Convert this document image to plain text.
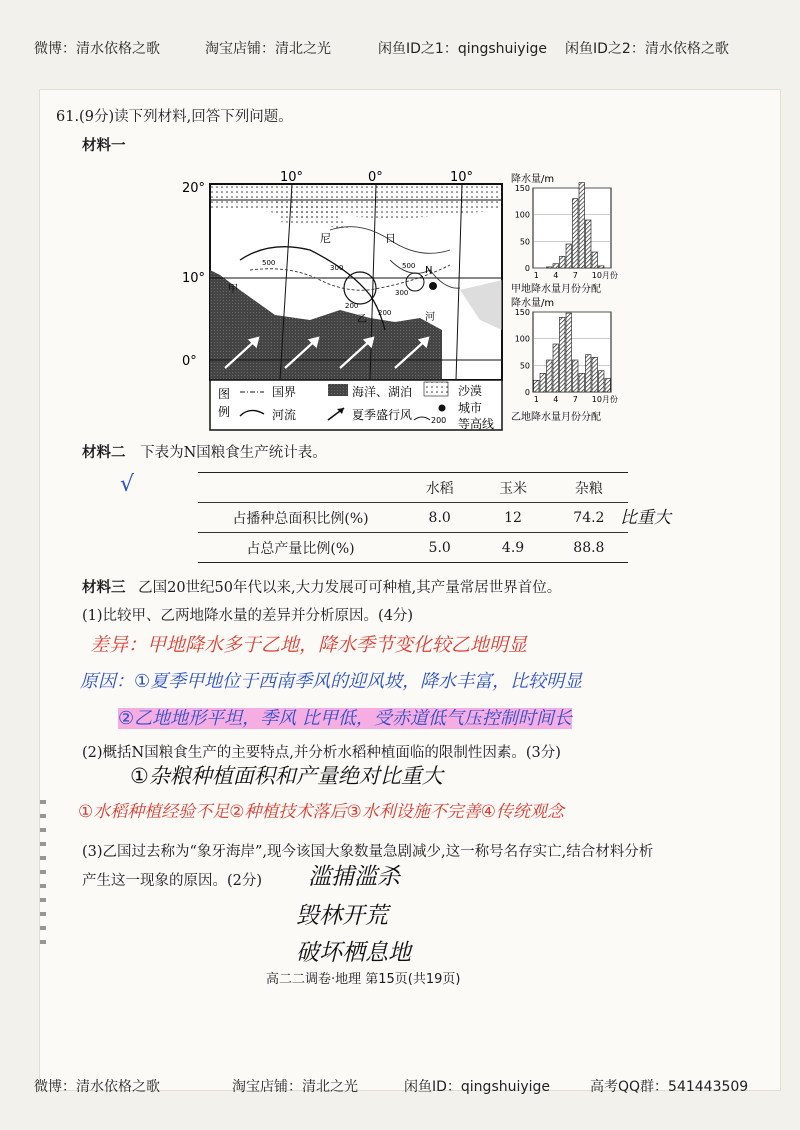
微博：清水依格之歌	淘宝店铺：清北之光	闲鱼ID之1：qingshuiyige 闲鱼ID之2：清水依格之歌
61.(9分)读下列材料,回答下列问题。
材料一
20°
10°
0°
10°	0°	10°
尼	日
N
甲
乙	河
500
300
300
500
200
200
图
例
国界	海洋、湖泊	沙漠
河流	夏季盛行风 200
城市
等高线
降水量/m
0
50
100
150
1 4 7 10月份
甲地降水量月份分配
降水量/m
0
50
100
150
1 4 7 10月份
乙地降水量月份分配
材料二 下表为N国粮食生产统计表。
√
		水稻	玉米	杂粮
占播种总面积比例(%)	8.0	12	74.2
占总产量比例(%)	5.0	4.9	88.8
比重大
材料三 乙国20世纪50年代以来,大力发展可可种植,其产量常居世界首位。
(1)比较甲、乙两地降水量的差异并分析原因。(4分)
差异：甲地降水多于乙地，降水季节变化较乙地明显
原因：①夏季甲地位于西南季风的迎风坡，降水丰富，比较明显
②乙地地形平坦，季风 比甲低，受赤道低气压控制时间长
(2)概括N国粮食生产的主要特点,并分析水稻种植面临的限制性因素。(3分)
①杂粮种植面积和产量绝对比重大
①水稻种植经验不足②种植技术落后③水利设施不完善④传统观念
(3)乙国过去称为“象牙海岸”,现今该国大象数量急剧减少,这一称号名存实亡,结合材料分析
产生这一现象的原因。(2分) 滥捕滥杀
毁林开荒
破坏栖息地
高二二调卷·地理 第15页(共19页)
微博：清水依格之歌	淘宝店铺：清北之光	闲鱼ID：qingshuiyige	高考QQ群：541443509
